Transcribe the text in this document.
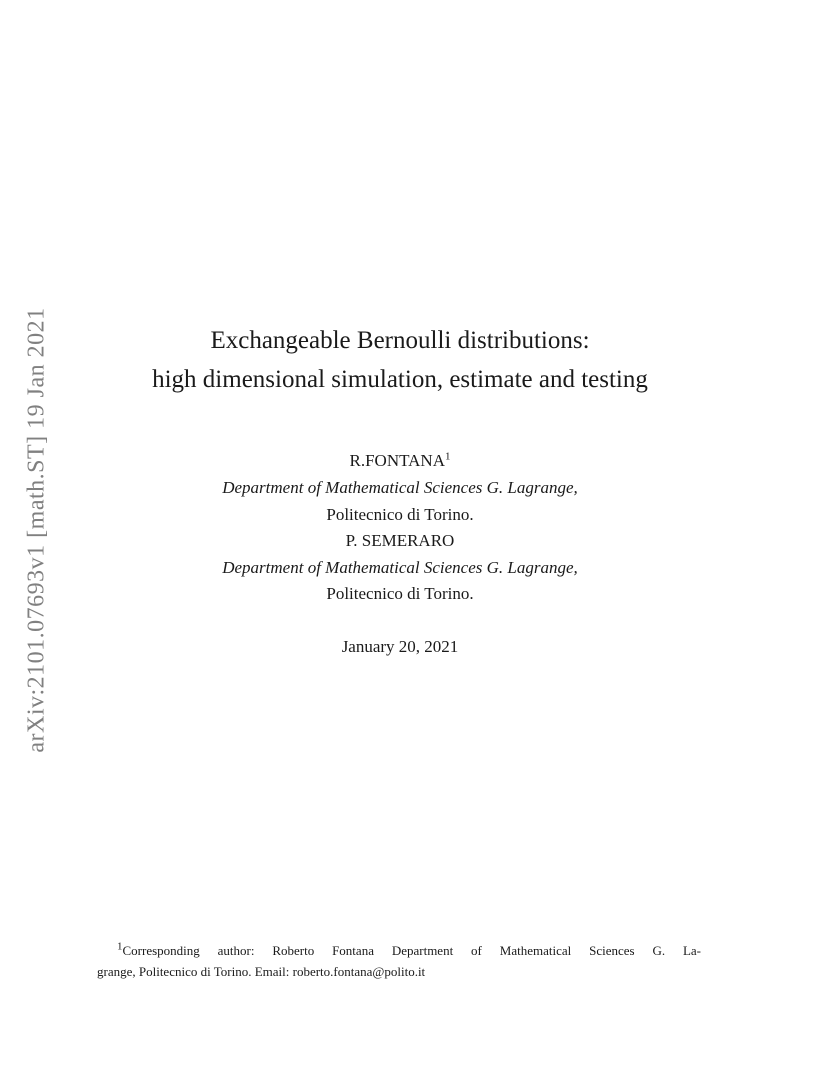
arXiv:2101.07693v1 [math.ST] 19 Jan 2021	Exchangeable Bernoulli distributions:
high dimensional simulation, estimate and testing
R.FONTANA$^1$
Department of Mathematical Sciences G. Lagrange,
Politecnico di Torino.
P. SEMERARO
Department of Mathematical Sciences G. Lagrange,
Politecnico di Torino.
January 20, 2021
$^1$Corresponding author: Roberto Fontana Department of Mathematical Sciences G. La-
grange, Politecnico di Torino. Email: roberto.fontana@polito.it
